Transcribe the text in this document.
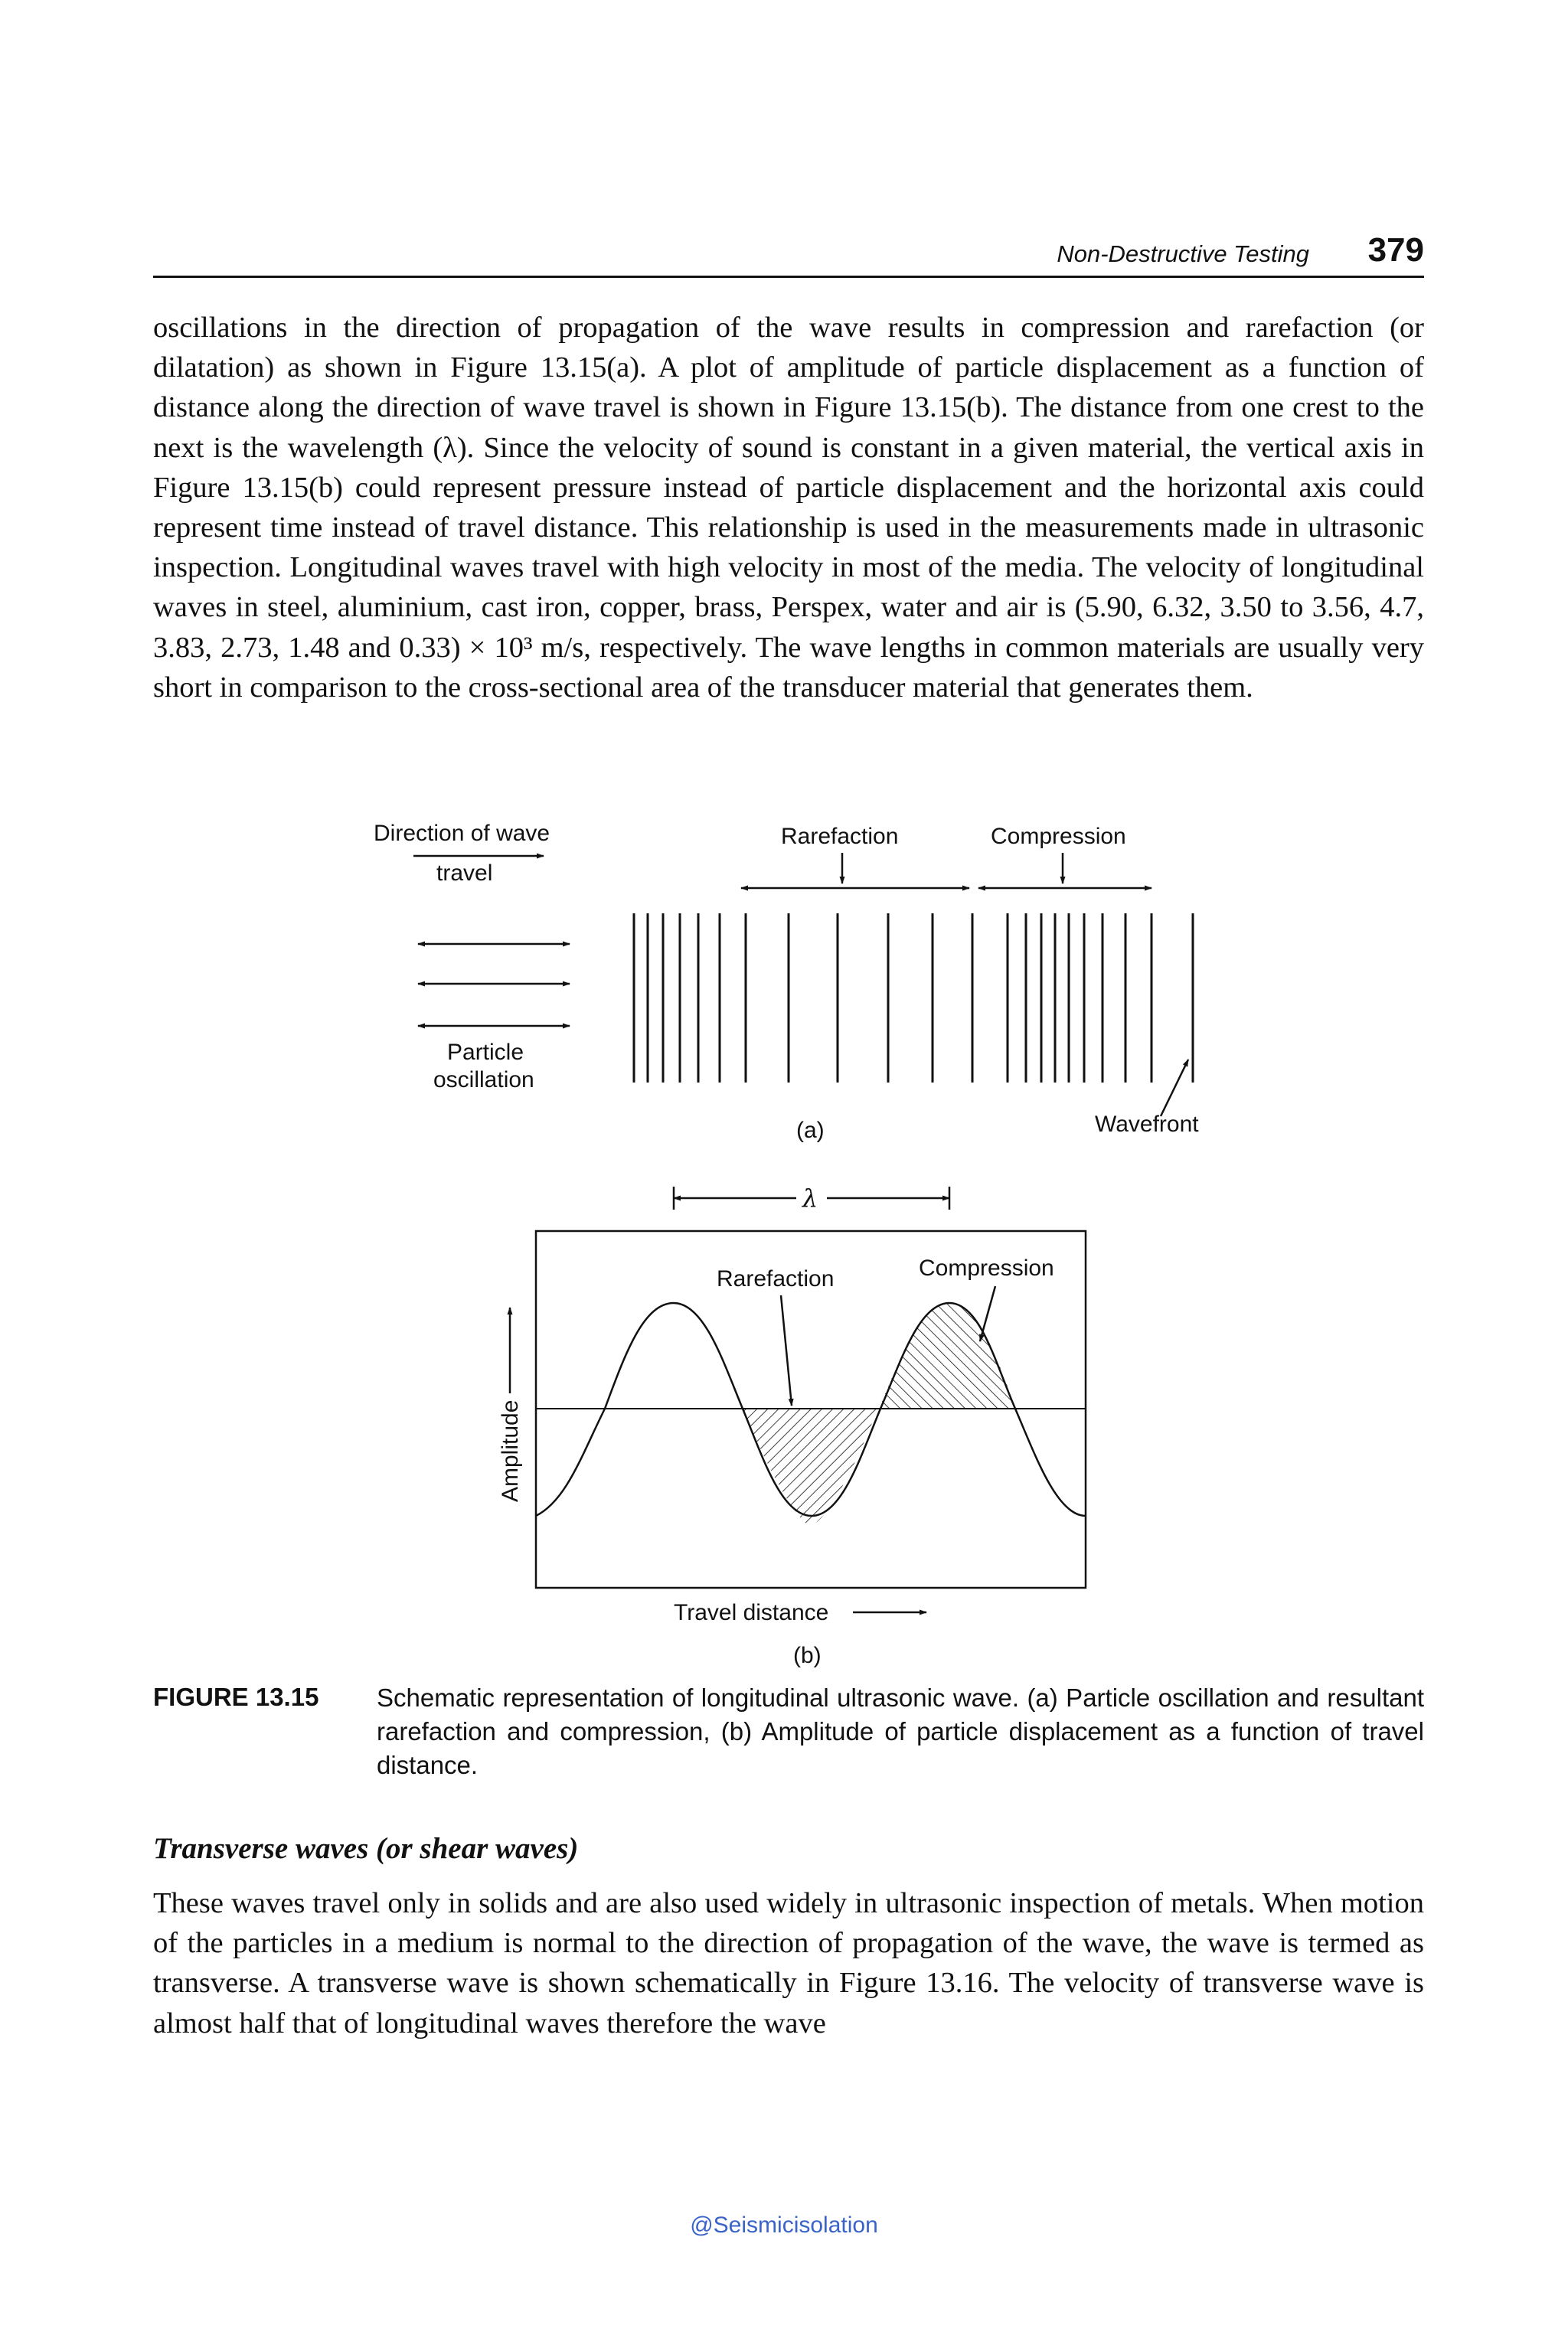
Non-Destructive Testing 379

oscillations in the direction of propagation of the wave results in compression and rarefaction (or dilatation) as shown in Figure 13.15(a). A plot of amplitude of particle displacement as a function of distance along the direction of wave travel is shown in Figure 13.15(b). The distance from one crest to the next is the wavelength (λ). Since the velocity of sound is constant in a given material, the vertical axis in Figure 13.15(b) could represent pressure instead of particle displacement and the horizontal axis could represent time instead of travel distance. This relationship is used in the measurements made in ultrasonic inspection. Longitudinal waves travel with high velocity in most of the media. The velocity of longitudinal waves in steel, aluminium, cast iron, copper, brass, Perspex, water and air is (5.90, 6.32, 3.50 to 3.56, 4.7, 3.83, 2.73, 1.48 and 0.33) × 10³ m/s, respectively. The wave lengths in common materials are usually very short in comparison to the cross-sectional area of the transducer material that generates them.

Direction of wave
travel
Particle
oscillation
Rarefaction	Compression
Wavefront
(a)
λ
Rarefaction	Compression
Amplitude
Travel distance
(b)
FIGURE 13.15 Schematic representation of longitudinal ultrasonic wave. (a) Particle oscillation and resultant rarefaction and compression, (b) Amplitude of particle displacement as a function of travel distance.
Transverse waves (or shear waves)

These waves travel only in solids and are also used widely in ultrasonic inspection of metals. When motion of the particles in a medium is normal to the direction of propagation of the wave, the wave is termed as transverse. A transverse wave is shown schematically in Figure 13.16. The velocity of transverse wave is almost half that of longitudinal waves therefore the wave

@Seismicisolation
